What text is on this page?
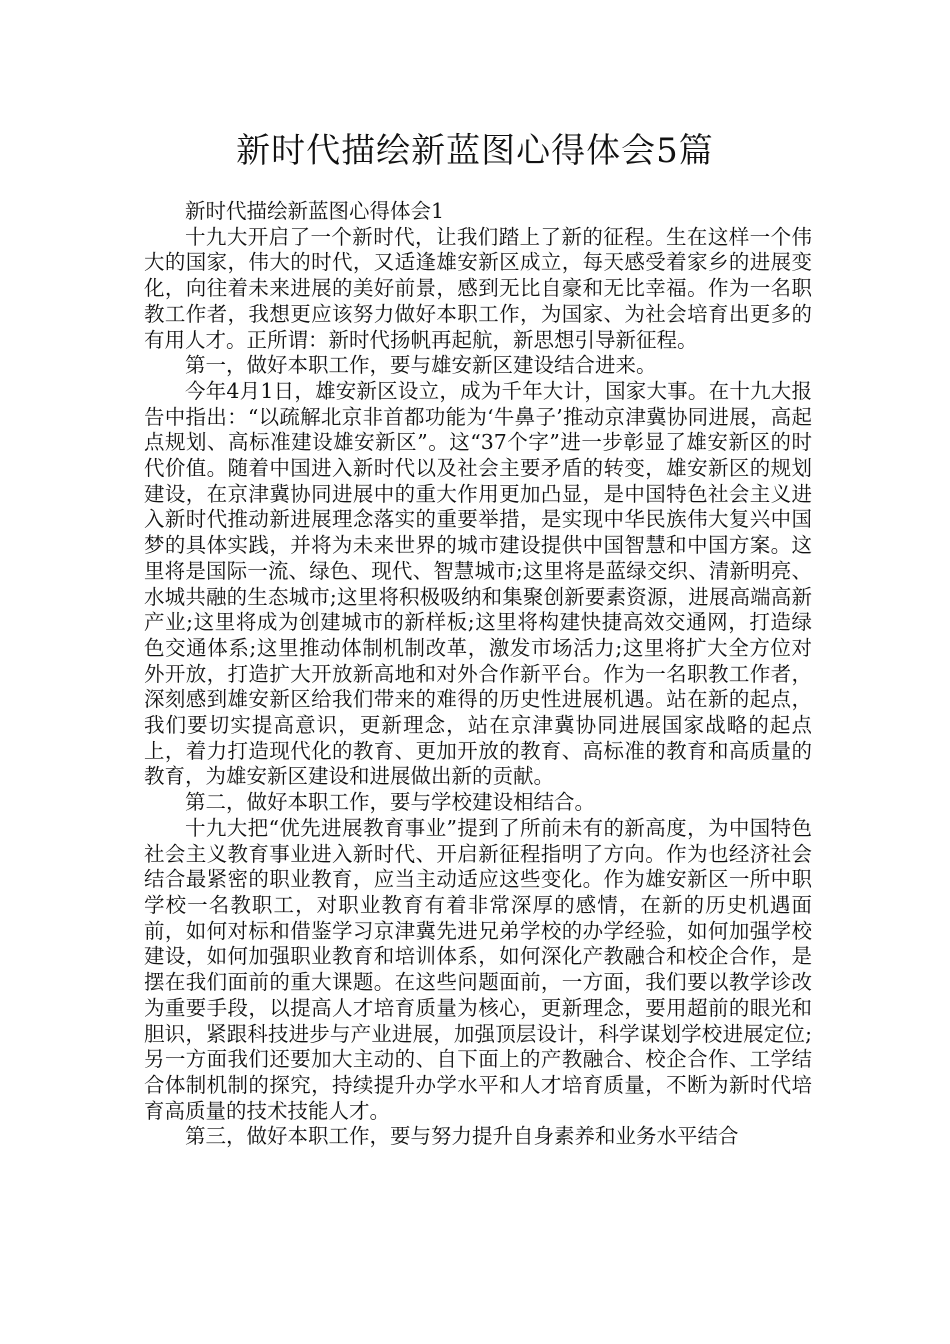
新时代描绘新蓝图心得体会5篇

新时代描绘新蓝图心得体会1

十九大开启了一个新时代，让我们踏上了新的征程。生在这样一个伟大的国家，伟大的时代，又适逢雄安新区成立，每天感受着家乡的进展变化，向往着未来进展的美好前景，感到无比自豪和无比幸福。作为一名职教工作者，我想更应该努力做好本职工作，为国家、为社会培育出更多的有用人才。正所谓：新时代扬帆再起航，新思想引导新征程。

第一，做好本职工作，要与雄安新区建设结合进来。

今年4月1日，雄安新区设立，成为千年大计，国家大事。在十九大报告中指出：“以疏解北京非首都功能为‘牛鼻子’推动京津冀协同进展，高起点规划、高标准建设雄安新区”。这“37个字”进一步彰显了雄安新区的时代价值。随着中国进入新时代以及社会主要矛盾的转变，雄安新区的规划建设，在京津冀协同进展中的重大作用更加凸显，是中国特色社会主义进入新时代推动新进展理念落实的重要举措，是实现中华民族伟大复兴中国梦的具体实践，并将为未来世界的城市建设提供中国智慧和中国方案。这里将是国际一流、绿色、现代、智慧城市;这里将是蓝绿交织、清新明亮、水城共融的生态城市;这里将积极吸纳和集聚创新要素资源，进展高端高新产业;这里将成为创建城市的新样板;这里将构建快捷高效交通网，打造绿色交通体系;这里推动体制机制改革，激发市场活力;这里将扩大全方位对外开放，打造扩大开放新高地和对外合作新平台。作为一名职教工作者，深刻感到雄安新区给我们带来的难得的历史性进展机遇。站在新的起点，我们要切实提高意识，更新理念，站在京津冀协同进展国家战略的起点上，着力打造现代化的教育、更加开放的教育、高标准的教育和高质量的教育，为雄安新区建设和进展做出新的贡献。

第二，做好本职工作，要与学校建设相结合。

十九大把“优先进展教育事业”提到了所前未有的新高度，为中国特色社会主义教育事业进入新时代、开启新征程指明了方向。作为也经济社会结合最紧密的职业教育，应当主动适应这些变化。作为雄安新区一所中职学校一名教职工，对职业教育有着非常深厚的感情，在新的历史机遇面前，如何对标和借鉴学习京津冀先进兄弟学校的办学经验，如何加强学校建设，如何加强职业教育和培训体系，如何深化产教融合和校企合作，是摆在我们面前的重大课题。在这些问题面前，一方面，我们要以教学诊改为重要手段，以提高人才培育质量为核心，更新理念，要用超前的眼光和胆识，紧跟科技进步与产业进展，加强顶层设计，科学谋划学校进展定位;另一方面我们还要加大主动的、自下面上的产教融合、校企合作、工学结合体制机制的探究，持续提升办学水平和人才培育质量，不断为新时代培育高质量的技术技能人才。

第三，做好本职工作，要与努力提升自身素养和业务水平结合
